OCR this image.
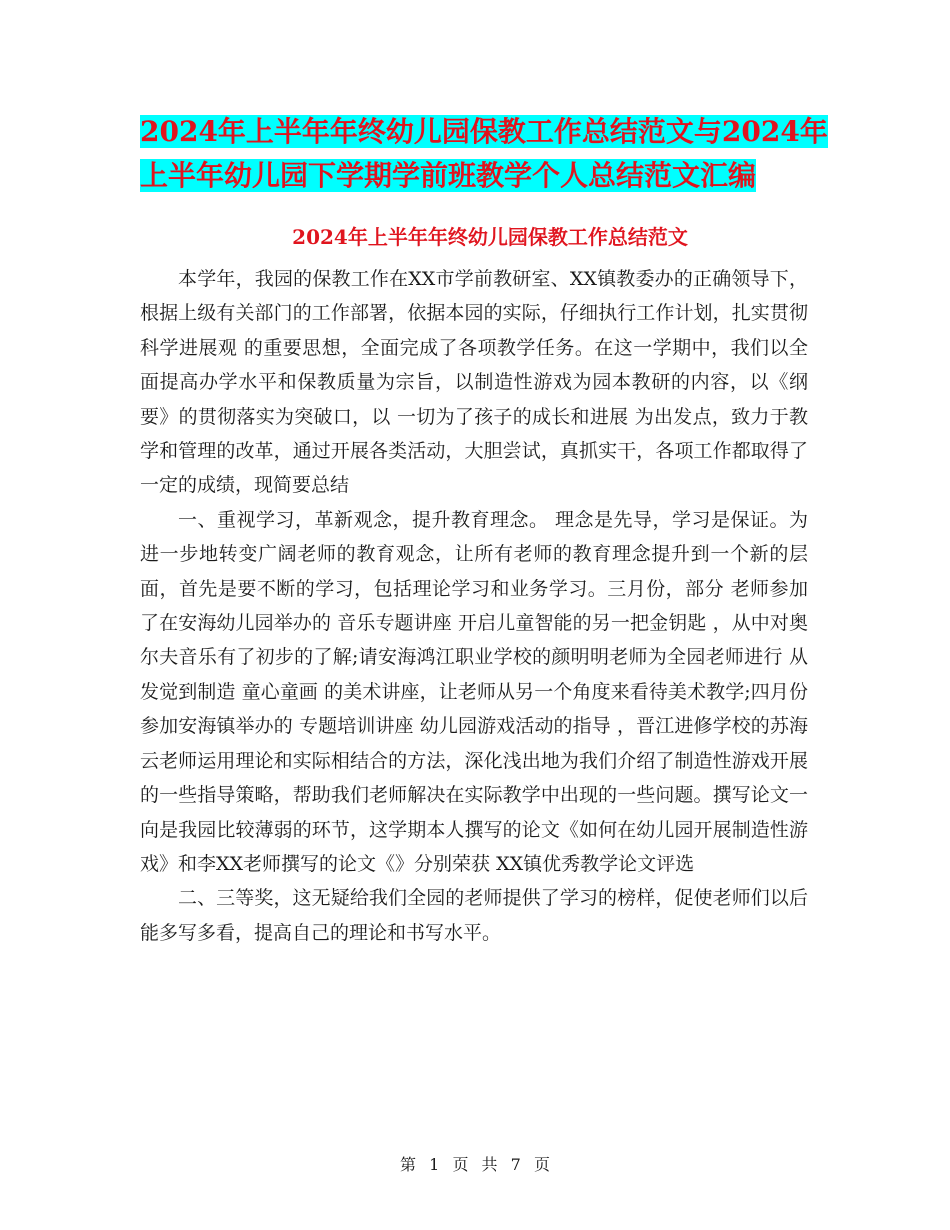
2024年上半年年终幼儿园保教工作总结范文与2024年
上半年幼儿园下学期学前班教学个人总结范文汇编
2024年上半年年终幼儿园保教工作总结范文

本学年，我园的保教工作在XX市学前教研室、XX镇教委办的正确领导下，根据上级有关部门的工作部署，依据本园的实际，仔细执行工作计划，扎实贯彻 科学进展观 的重要思想，全面完成了各项教学任务。在这一学期中，我们以全面提高办学水平和保教质量为宗旨，以制造性游戏为园本教研的内容，以《纲要》的贯彻落实为突破口，以 一切为了孩子的成长和进展 为出发点，致力于教学和管理的改革，通过开展各类活动，大胆尝试，真抓实干，各项工作都取得了一定的成绩，现简要总结

一、重视学习，革新观念，提升教育理念。 理念是先导，学习是保证。为进一步地转变广阔老师的教育观念，让所有老师的教育理念提升到一个新的层面，首先是要不断的学习，包括理论学习和业务学习。三月份，部分 老师参加了在安海幼儿园举办的 音乐专题讲座 开启儿童智能的另一把金钥匙 ，从中对奥尔夫音乐有了初步的了解;请安海鸿江职业学校的颜明明老师为全园老师进行 从发觉到制造 童心童画 的美术讲座，让老师从另一个角度来看待美术教学;四月份参加安海镇举办的 专题培训讲座 幼儿园游戏活动的指导 ，晋江进修学校的苏海云老师运用理论和实际相结合的方法，深化浅出地为我们介绍了制造性游戏开展的一些指导策略，帮助我们老师解决在实际教学中出现的一些问题。撰写论文一向是我园比较薄弱的环节，这学期本人撰写的论文《如何在幼儿园开展制造性游戏》和李XX老师撰写的论文《》分别荣获 XX镇优秀教学论文评选

二、三等奖，这无疑给我们全园的老师提供了学习的榜样，促使老师们以后能多写多看，提高自己的理论和书写水平。

第 1 页 共 7 页
